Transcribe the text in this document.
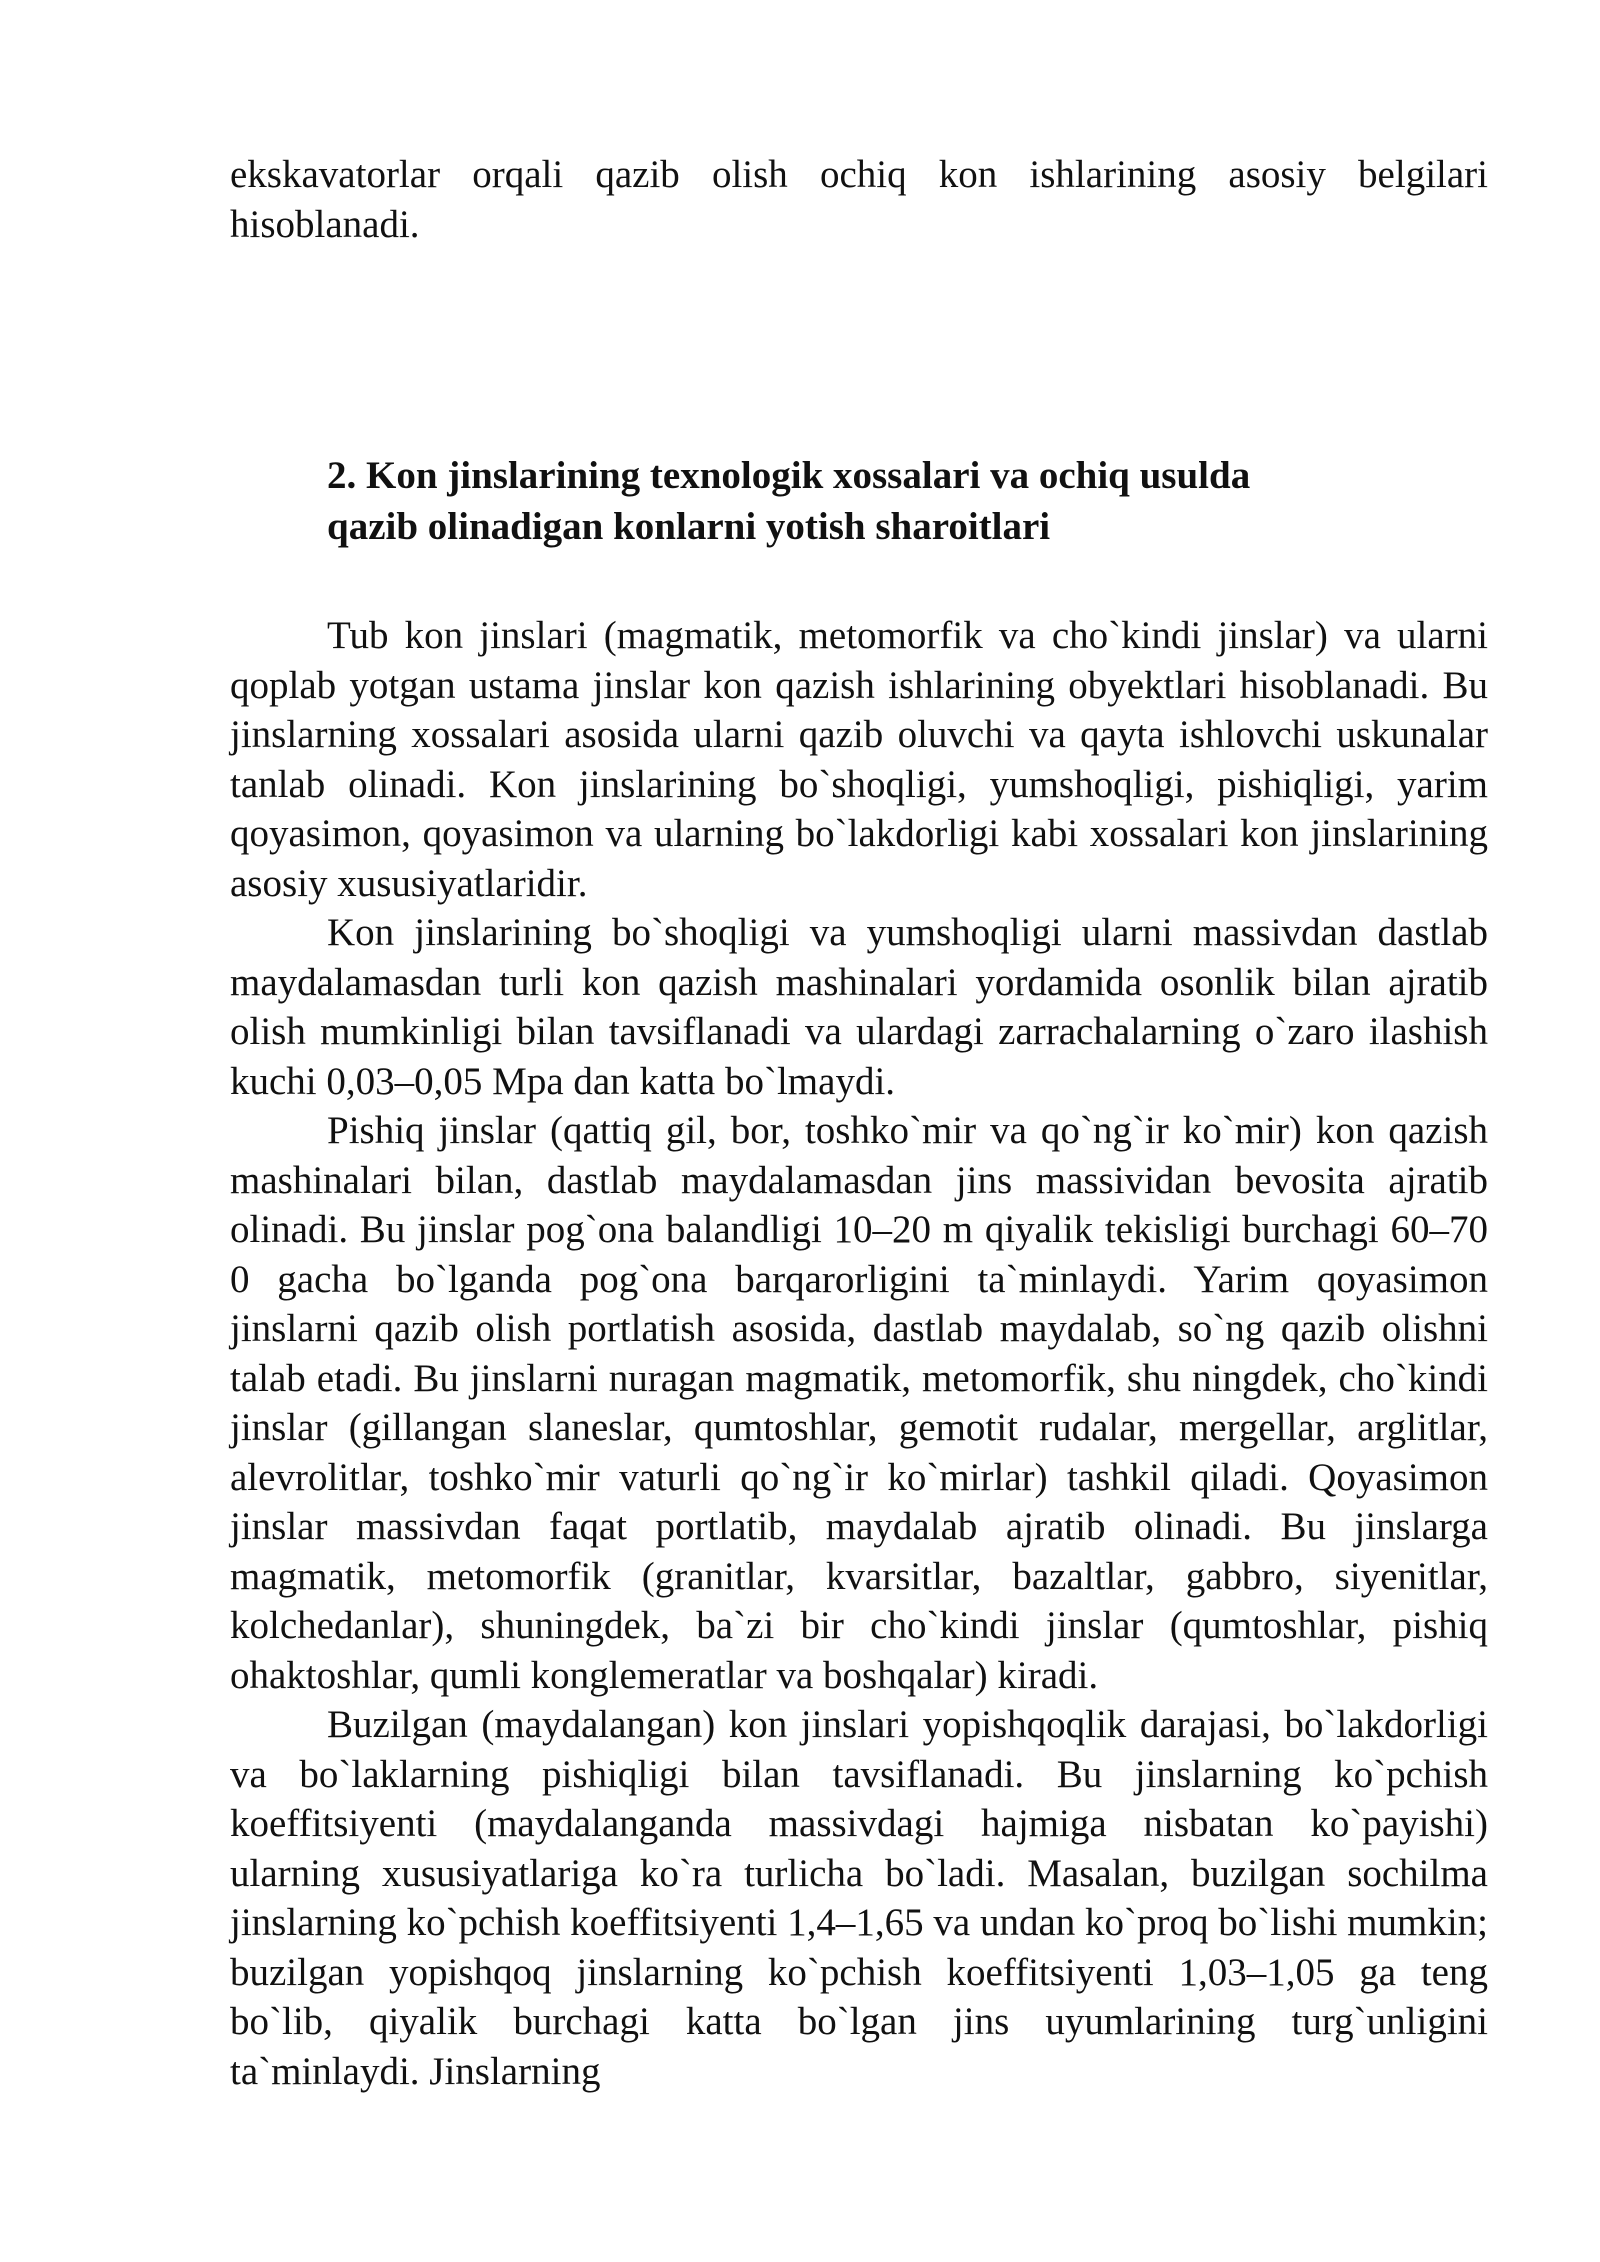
ekskavatorlar orqali qazib olish ochiq kon ishlarining asosiy belgilari hisoblanadi.

2. Kon jinslarining texnologik xossalari va ochiq usulda
qazib olinadigan konlarni yotish sharoitlari

Tub kon jinslari (magmatik, metomorfik va cho`kindi jinslar) va ularni qoplab yotgan ustama jinslar kon qazish ishlarining obyektlari hisoblanadi. Bu jinslarning xossalari asosida ularni qazib oluvchi va qayta ishlovchi uskunalar tanlab olinadi. Kon jinslarining bo`shoqligi, yumshoqligi, pishiqligi, yarim qoyasimon, qoyasimon va ularning bo`lakdorligi kabi xossalari kon jinslarining asosiy xususiyatlaridir.

Kon jinslarining bo`shoqligi va yumshoqligi ularni massivdan dastlab maydalamasdan turli kon qazish mashinalari yordamida osonlik bilan ajratib olish mumkinligi bilan tavsiflanadi va ulardagi zarrachalarning o`zaro ilashish kuchi 0,03–0,05 Mpa dan katta bo`lmaydi.

Pishiq jinslar (qattiq gil, bor, toshko`mir va qo`ng`ir ko`mir) kon qazish mashinalari bilan, dastlab maydalamasdan jins massividan bevosita ajratib olinadi. Bu jinslar pog`ona balandligi 10–20 m qiyalik tekisligi burchagi 60–70 0 gacha bo`lganda pog`ona barqarorligini ta`minlaydi. Yarim qoyasimon jinslarni qazib olish portlatish asosida, dastlab maydalab, so`ng qazib olishni talab etadi. Bu jinslarni nuragan magmatik, metomorfik, shu ningdek, cho`kindi jinslar (gillangan slaneslar, qumtoshlar, gemotit rudalar, mergellar, arglitlar, alevrolitlar, toshko`mir vaturli qo`ng`ir ko`mirlar) tashkil qiladi. Qoyasimon jinslar massivdan faqat portlatib, maydalab ajratib olinadi. Bu jinslarga magmatik, metomorfik (granitlar, kvarsitlar, bazaltlar, gabbro, siyenitlar, kolchedanlar), shuningdek, ba`zi bir cho`kindi jinslar (qumtoshlar, pishiq ohaktoshlar, qumli konglemeratlar va boshqalar) kiradi.

Buzilgan (maydalangan) kon jinslari yopishqoqlik darajasi, bo`lakdorligi va bo`laklarning pishiqligi bilan tavsiflanadi. Bu jinslarning ko`pchish koeffitsiyenti (maydalanganda massivdagi hajmiga nisbatan ko`payishi) ularning xususiyatlariga ko`ra turlicha bo`ladi. Masalan, buzilgan sochilma jinslarning ko`pchish koeffitsiyenti 1,4–1,65 va undan ko`proq bo`lishi mumkin; buzilgan yopishqoq jinslarning ko`pchish koeffitsiyenti 1,03–1,05 ga teng bo`lib, qiyalik burchagi katta bo`lgan jins uyumlarining turg`unligini ta`minlaydi. Jinslarning
